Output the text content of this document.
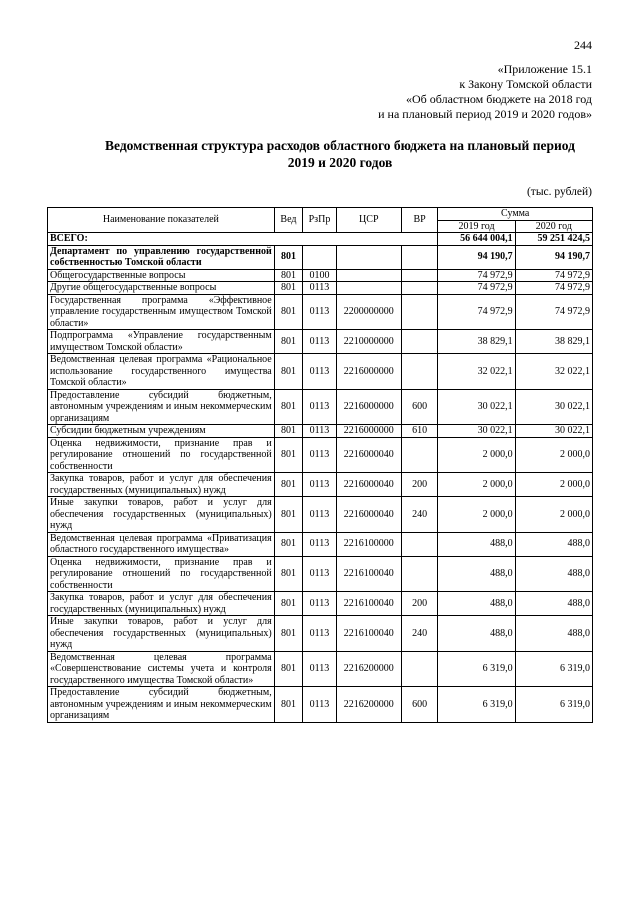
244
«Приложение 15.1
к Закону Томской области
«Об областном бюджете на 2018 год
и на плановый период 2019 и 2020 годов»
Ведомственная структура расходов областного бюджета на плановый период
2019 и 2020 годов
(тыс. рублей)
Наименование показателей	Вед	РзПр	ЦСР	ВР	Сумма	
					2019 год	2020 год
ВСЕГО:					56 644 004,1	59 251 424,5
Департамент по управлению государственной собственностью Томской области	801				94 190,7	94 190,7
Общегосударственные вопросы	801	0100			74 972,9	74 972,9
Другие общегосударственные вопросы	801	0113			74 972,9	74 972,9
Государственная программа «Эффективное управление государственным имуществом Томской области»	801	0113	2200000000		74 972,9	74 972,9
Подпрограмма «Управление государственным имуществом Томской области»	801	0113	2210000000		38 829,1	38 829,1
Ведомственная целевая программа «Рациональное использование государственного имущества Томской области»	801	0113	2216000000		32 022,1	32 022,1
Предоставление субсидий бюджетным, автономным учреждениям и иным некоммерческим организациям	801	0113	2216000000	600	30 022,1	30 022,1
Субсидии бюджетным учреждениям	801	0113	2216000000	610	30 022,1	30 022,1
Оценка недвижимости, признание прав и регулирование отношений по государственной собственности	801	0113	2216000040		2 000,0	2 000,0
Закупка товаров, работ и услуг для обеспечения государственных (муниципальных) нужд	801	0113	2216000040	200	2 000,0	2 000,0
Иные закупки товаров, работ и услуг для обеспечения государственных (муниципальных) нужд	801	0113	2216000040	240	2 000,0	2 000,0
Ведомственная целевая программа «Приватизация областного государственного имущества»	801	0113	2216100000		488,0	488,0
Оценка недвижимости, признание прав и регулирование отношений по государственной собственности	801	0113	2216100040		488,0	488,0
Закупка товаров, работ и услуг для обеспечения государственных (муниципальных) нужд	801	0113	2216100040	200	488,0	488,0
Иные закупки товаров, работ и услуг для обеспечения государственных (муниципальных) нужд	801	0113	2216100040	240	488,0	488,0
Ведомственная целевая программа «Совершенствование системы учета и контроля государственного имущества Томской области»	801	0113	2216200000		6 319,0	6 319,0
Предоставление субсидий бюджетным, автономным учреждениям и иным некоммерческим организациям	801	0113	2216200000	600	6 319,0	6 319,0
